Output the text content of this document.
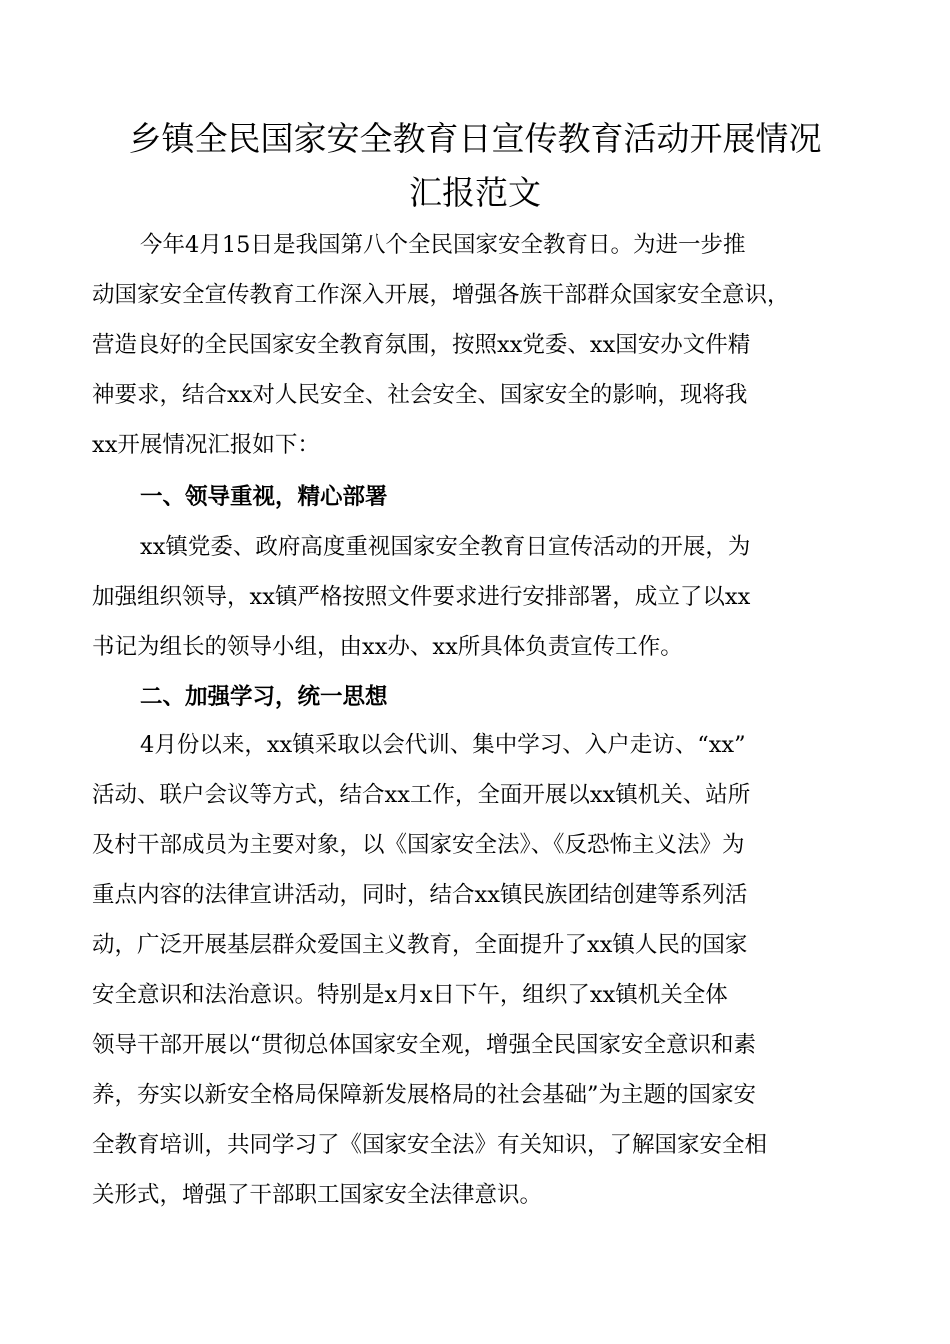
乡镇全民国家安全教育日宣传教育活动开展情况
汇报范文
今年4月15日是我国第八个全民国家安全教育日。为进一步推
动国家安全宣传教育工作深入开展，增强各族干部群众国家安全意识，
营造良好的全民国家安全教育氛围，按照xx党委、xx国安办文件精
神要求，结合xx对人民安全、社会安全、国家安全的影响，现将我
xx开展情况汇报如下：
一、领导重视，精心部署
xx镇党委、政府高度重视国家安全教育日宣传活动的开展，为
加强组织领导，xx镇严格按照文件要求进行安排部署，成立了以xx
书记为组长的领导小组，由xx办、xx所具体负责宣传工作。
二、加强学习，统一思想
4月份以来，xx镇采取以会代训、集中学习、入户走访、“xx”
活动、联户会议等方式，结合xx工作，全面开展以xx镇机关、站所
及村干部成员为主要对象，以《国家安全法》、《反恐怖主义法》为
重点内容的法律宣讲活动，同时，结合xx镇民族团结创建等系列活
动，广泛开展基层群众爱国主义教育，全面提升了xx镇人民的国家
安全意识和法治意识。特别是x月x日下午，组织了xx镇机关全体
领导干部开展以“贯彻总体国家安全观，增强全民国家安全意识和素
养，夯实以新安全格局保障新发展格局的社会基础”为主题的国家安
全教育培训，共同学习了《国家安全法》有关知识，了解国家安全相
关形式，增强了干部职工国家安全法律意识。
